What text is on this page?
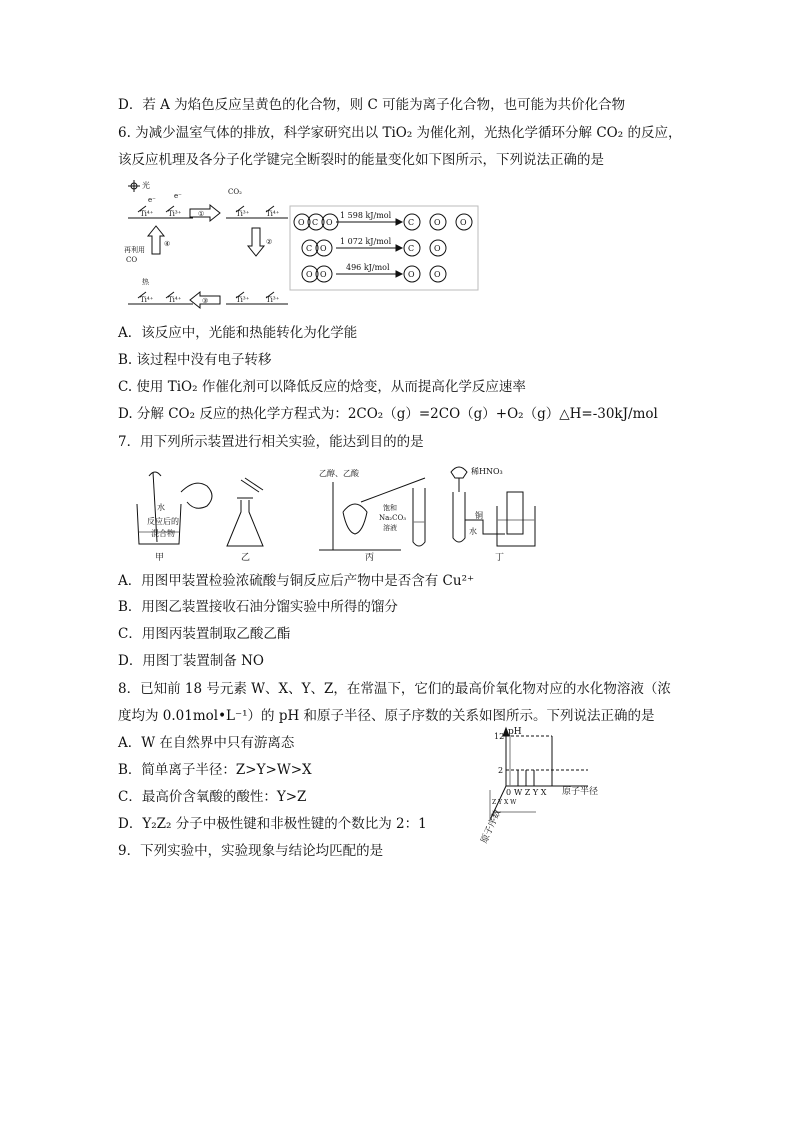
D．若 A 为焰色反应呈黄色的化合物，则 C 可能为离子化合物，也可能为共价化合物
6. 为减少温室气体的排放，科学家研究出以 TiO₂ 为催化剂，光热化学循环分解 CO₂ 的反应，
该反应机理及各分子化学键完全断裂时的能量变化如下图所示，下列说法正确的是
光
e⁻	e⁻
Ti⁴⁺ Ti³⁺
CO₂
Ti³⁺ Ti⁴⁺
再利用
CO
热
Ti⁴⁺ Ti⁴⁺	Ti³⁺ Ti³⁺
①
②
③
④
1 598 kJ/mol
1 072 kJ/mol
496 kJ/mol
O C O	C O O
C O	C O
O O	O O
A．该反应中，光能和热能转化为化学能
B. 该过程中没有电子转移
C. 使用 TiO₂ 作催化剂可以降低反应的焓变，从而提高化学反应速率
D. 分解 CO₂ 反应的热化学方程式为：2CO₂（g）=2CO（g）+O₂（g）△H=-30kJ/mol
7．用下列所示装置进行相关实验，能达到目的的是
水
反应后的
混合物
甲	乙
乙醇、乙酸
饱和
Na₂CO₃
溶液
丙
稀HNO₃
铜
水
丁
A．用图甲装置检验浓硫酸与铜反应后产物中是否含有 Cu²⁺
B．用图乙装置接收石油分馏实验中所得的馏分
C．用图丙装置制取乙酸乙酯
D．用图丁装置制备 NO
8．已知前 18 号元素 W、X、Y、Z，在常温下，它们的最高价氧化物对应的水化物溶液（浓
度均为 0.01mol•L⁻¹）的 pH 和原子半径、原子序数的关系如图所示。下列说法正确的是
A．W 在自然界中只有游离态
B．简单离子半径：Z>Y>W>X
C．最高价含氧酸的酸性：Y>Z
D．Y₂Z₂ 分子中极性键和非极性键的个数比为 2：1
9．下列实验中，实验现象与结论均匹配的是
pH
12
2
0 W Z Y X 原子半径
Z Y X W
原子序数
